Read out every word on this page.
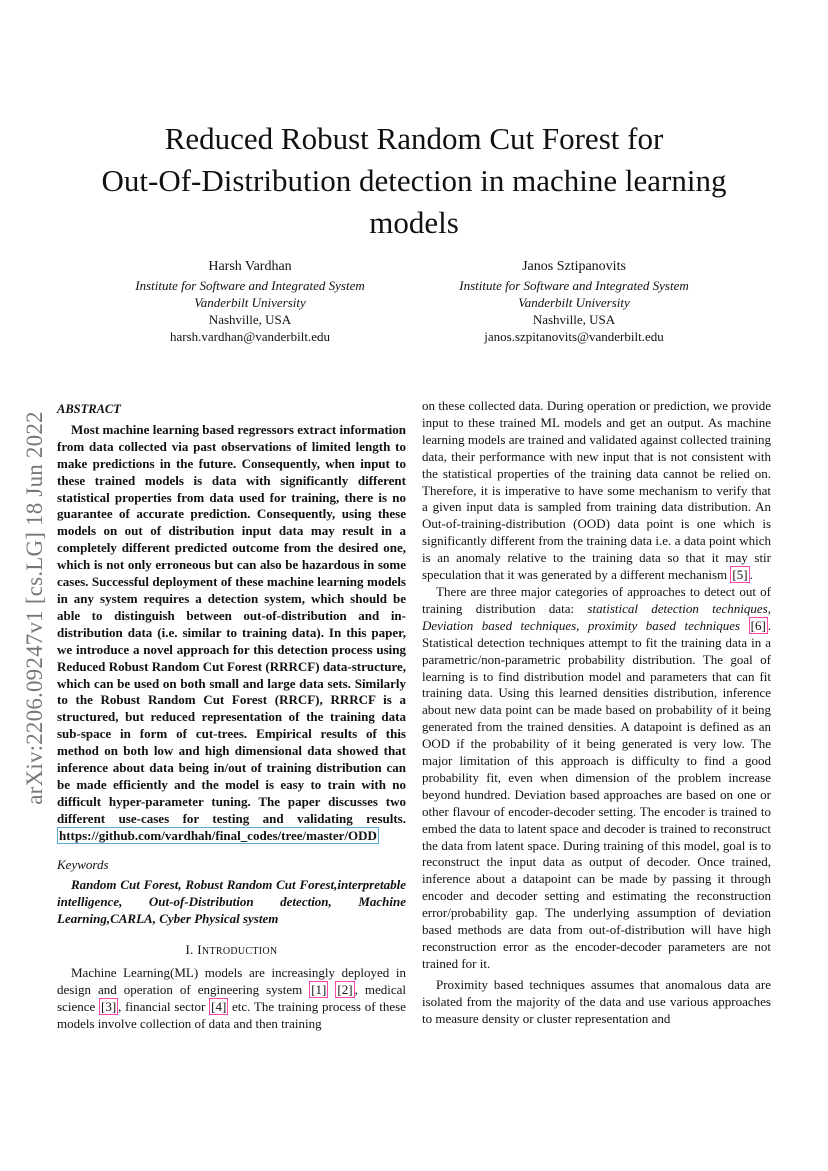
Reduced Robust Random Cut Forest for
Out-Of-Distribution detection in machine learning
models
Harsh Vardhan
Institute for Software and Integrated System
Vanderbilt University
Nashville, USA
harsh.vardhan@vanderbilt.edu
Janos Sztipanovits
Institute for Software and Integrated System
Vanderbilt University
Nashville, USA
janos.szpitanovits@vanderbilt.edu
arXiv:2206.09247v1 [cs.LG] 18 Jun 2022

ABSTRACT

Most machine learning based regressors extract information from data collected via past observations of limited length to make predictions in the future. Consequently, when input to these trained models is data with significantly different statistical properties from data used for training, there is no guarantee of accurate prediction. Consequently, using these models on out of distribution input data may result in a completely different predicted outcome from the desired one, which is not only erroneous but can also be hazardous in some cases. Successful deployment of these machine learning models in any system requires a detection system, which should be able to distinguish between out-of-distribution and in-distribution data (i.e. similar to training data). In this paper, we introduce a novel approach for this detection process using Reduced Robust Random Cut Forest (RRRCF) data-structure, which can be used on both small and large data sets. Similarly to the Robust Random Cut Forest (RRCF), RRRCF is a structured, but reduced representation of the training data sub-space in form of cut-trees. Empirical results of this method on both low and high dimensional data showed that inference about data being in/out of training distribution can be made efficiently and the model is easy to train with no difficult hyper-parameter tuning. The paper discusses two different use-cases for testing and validating results. https://github.com/vardhah/final_codes/tree/master/ODD

Keywords

Random Cut Forest, Robust Random Cut Forest,interpretable intelligence, Out-of-Distribution detection, Machine Learning,CARLA, Cyber Physical system

I. INTRODUCTION

Machine Learning(ML) models are increasingly deployed in design and operation of engineering system [1] [2] , medical science [3] , financial sector [4] etc. The training process of these models involve collection of data and then training

on these collected data. During operation or prediction, we provide input to these trained ML models and get an output. As machine learning models are trained and validated against collected training data, their performance with new input that is not consistent with the statistical properties of the training data cannot be relied on. Therefore, it is imperative to have some mechanism to verify that a given input data is sampled from training data distribution. An Out-of-training-distribution (OOD) data point is one which is significantly different from the training data i.e. a data point which is an anomaly relative to the training data so that it may stir speculation that it was generated by a different mechanism [5] .

There are three major categories of approaches to detect out of training distribution data: statistical detection techniques, Deviation based techniques, proximity based techniques [6] . Statistical detection techniques attempt to fit the training data in a parametric/non-parametric probability distribution. The goal of learning is to find distribution model and parameters that can fit training data. Using this learned densities distribution, inference about new data point can be made based on probability of it being generated from the trained densities. A datapoint is defined as an OOD if the probability of it being generated is very low. The major limitation of this approach is difficulty to find a good probability fit, even when dimension of the problem increase beyond hundred. Deviation based approaches are based on one or other flavour of encoder-decoder setting. The encoder is trained to embed the data to latent space and decoder is trained to reconstruct the data from latent space. During training of this model, goal is to reconstruct the input data as output of decoder. Once trained, inference about a datapoint can be made by passing it through encoder and decoder setting and estimating the reconstruction error/probability gap. The underlying assumption of deviation based methods are data from out-of-distribution will have high reconstruction error as the encoder-decoder parameters are not trained for it.

Proximity based techniques assumes that anomalous data are isolated from the majority of the data and use various approaches to measure density or cluster representation and
